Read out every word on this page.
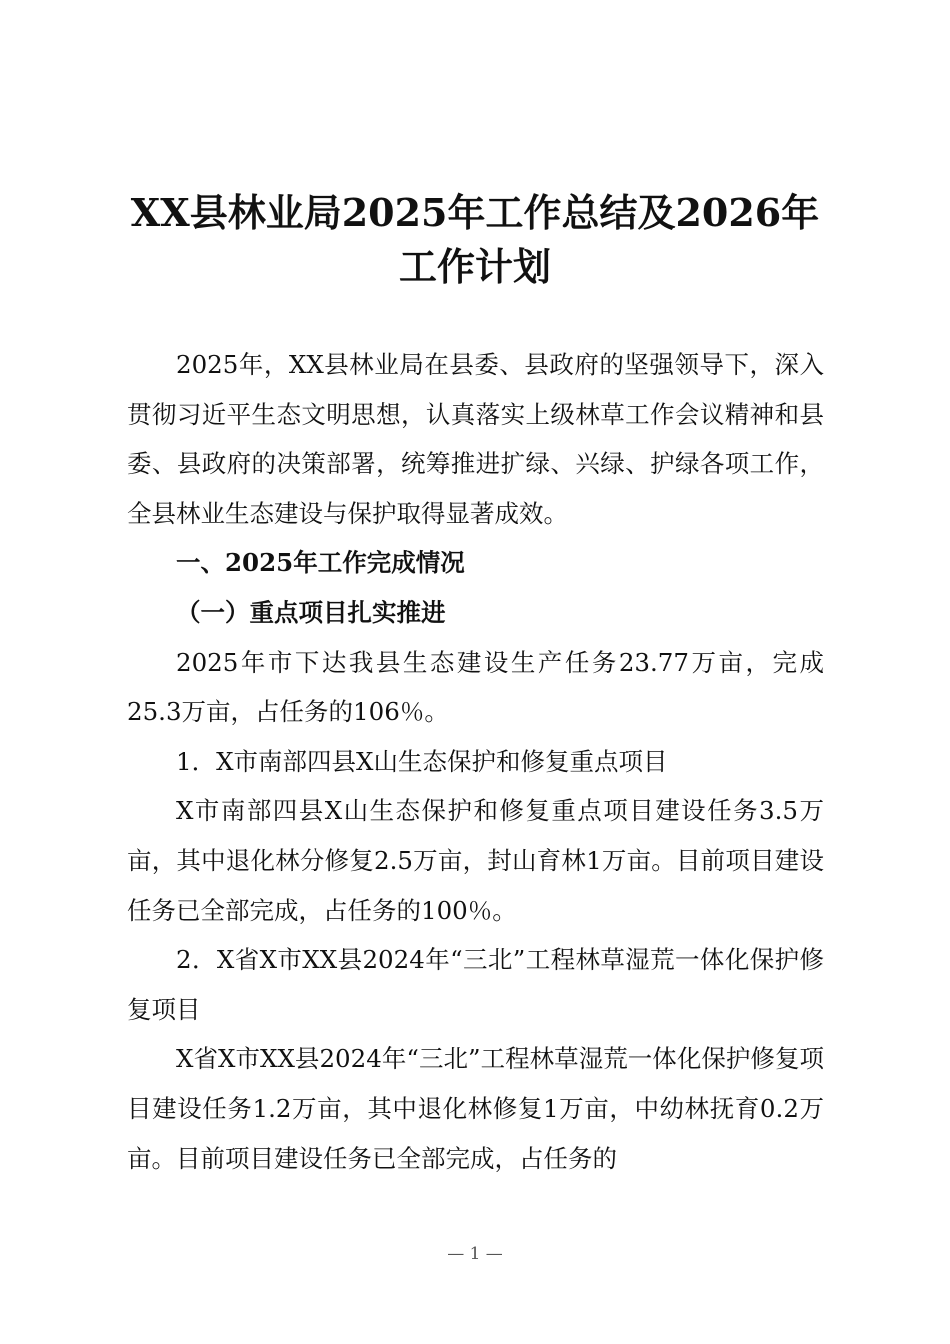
XX县林业局2025年工作总结及2026年
工作计划

2025年，XX县林业局在县委、县政府的坚强领导下，深入贯彻习近平生态文明思想，认真落实上级林草工作会议精神和县委、县政府的决策部署，统筹推进扩绿、兴绿、护绿各项工作，全县林业生态建设与保护取得显著成效。

一、2025年工作完成情况

（一）重点项目扎实推进

2025年市下达我县生态建设生产任务23.77万亩，完成25.3万亩，占任务的106％。

1．X市南部四县X山生态保护和修复重点项目

X市南部四县X山生态保护和修复重点项目建设任务3.5万亩，其中退化林分修复2.5万亩，封山育林1万亩。目前项目建设任务已全部完成，占任务的100％。

2．X省X市XX县2024年“三北”工程林草湿荒一体化保护修复项目

X省X市XX县2024年“三北”工程林草湿荒一体化保护修复项目建设任务1.2万亩，其中退化林修复1万亩，中幼林抚育0.2万亩。目前项目建设任务已全部完成，占任务的

— 1 —
